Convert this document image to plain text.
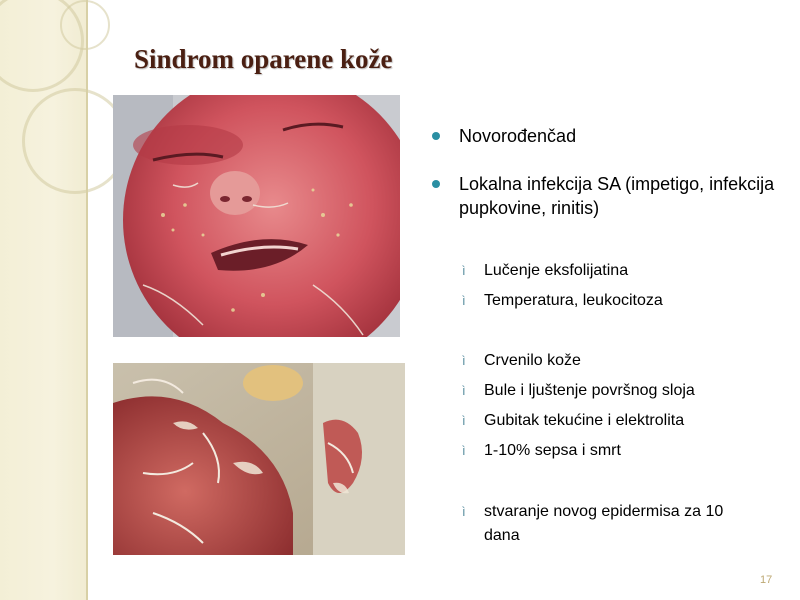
Sindrom oparene kože
Novorođenčad
Lokalna infekcija SA (impetigo, infekcija pupkovine, rinitis)
ì Lučenje eksfolijatina
ì Temperatura, leukocitoza
ì Crvenilo kože
ì Bule i ljuštenje površnog sloja
ì Gubitak tekućine i elektrolita
ì 1-10% sepsa i smrt
ì stvaranje novog epidermisa za 10 dana
17
